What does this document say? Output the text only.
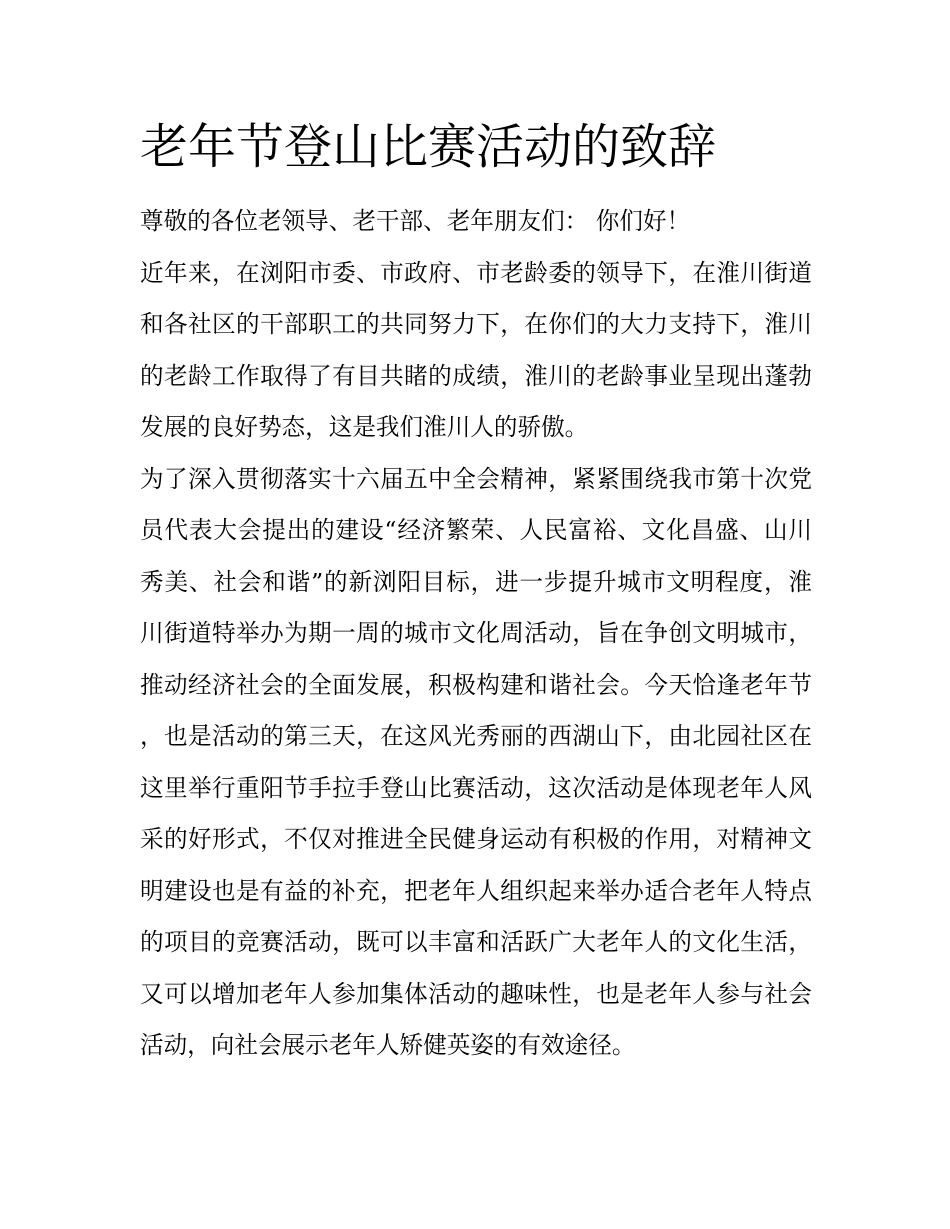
老年节登山比赛活动的致辞

尊敬的各位老领导、老干部、老年朋友们： 你们好！

近年来，在浏阳市委、市政府、市老龄委的领导下，在淮川街道和各社区的干部职工的共同努力下，在你们的大力支持下，淮川的老龄工作取得了有目共睹的成绩，淮川的老龄事业呈现出蓬勃发展的良好势态，这是我们淮川人的骄傲。

为了深入贯彻落实十六届五中全会精神，紧紧围绕我市第十次党员代表大会提出的建设“经济繁荣、人民富裕、文化昌盛、山川秀美、社会和谐”的新浏阳目标，进一步提升城市文明程度，淮川街道特举办为期一周的城市文化周活动，旨在争创文明城市，推动经济社会的全面发展，积极构建和谐社会。今天恰逢老年节，也是活动的第三天，在这风光秀丽的西湖山下，由北园社区在这里举行重阳节手拉手登山比赛活动，这次活动是体现老年人风采的好形式，不仅对推进全民健身运动有积极的作用，对精神文明建设也是有益的补充，把老年人组织起来举办适合老年人特点的项目的竞赛活动，既可以丰富和活跃广大老年人的文化生活，又可以增加老年人参加集体活动的趣味性，也是老年人参与社会活动，向社会展示老年人矫健英姿的有效途径。
